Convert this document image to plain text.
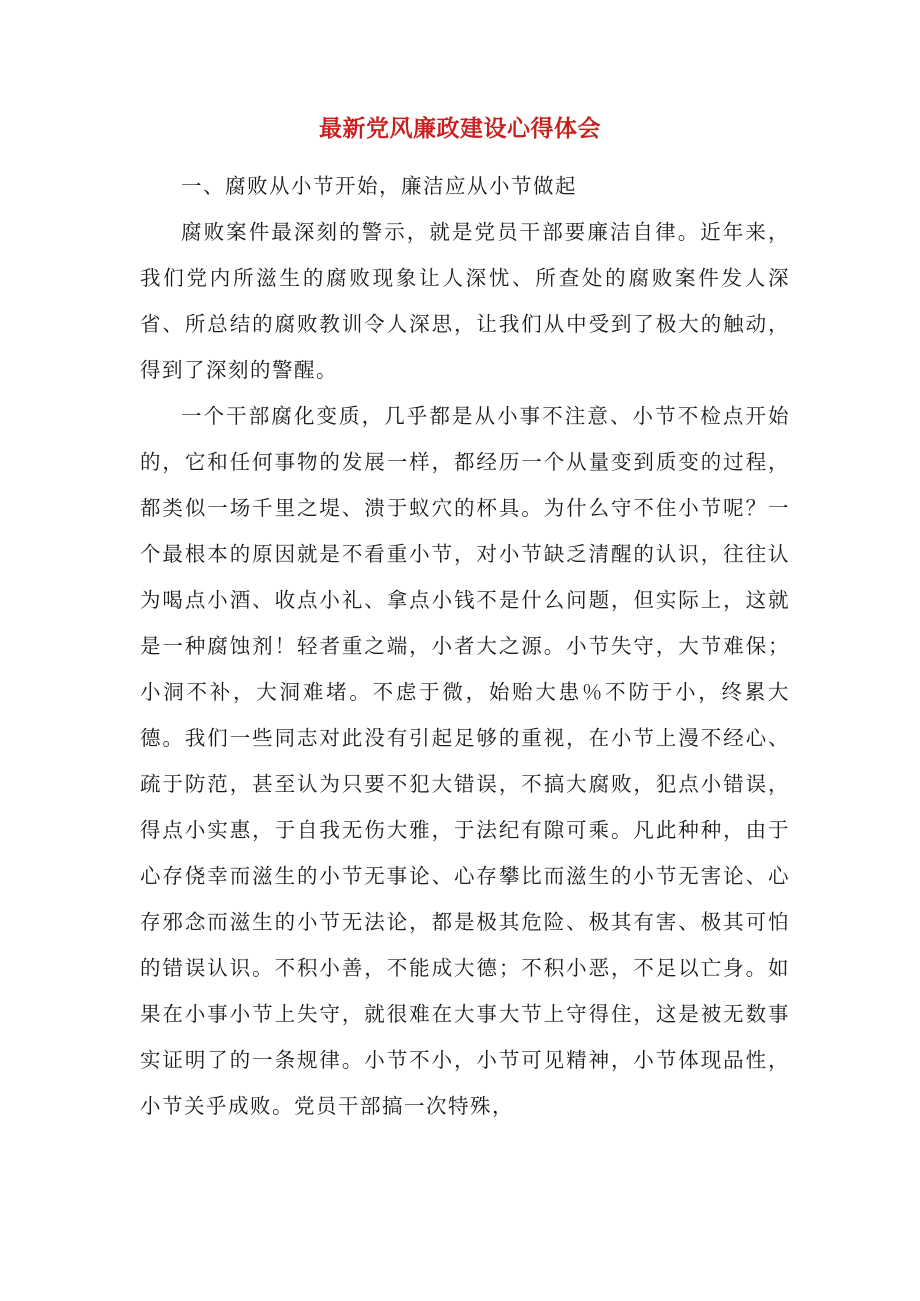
最新党风廉政建设心得体会

一、腐败从小节开始，廉洁应从小节做起

腐败案件最深刻的警示，就是党员干部要廉洁自律。近年来，我们党内所滋生的腐败现象让人深忧、所查处的腐败案件发人深省、所总结的腐败教训令人深思，让我们从中受到了极大的触动，得到了深刻的警醒。

一个干部腐化变质，几乎都是从小事不注意、小节不检点开始的，它和任何事物的发展一样，都经历一个从量变到质变的过程，都类似一场千里之堤、溃于蚁穴的杯具。为什么守不住小节呢？一个最根本的原因就是不看重小节，对小节缺乏清醒的认识，往往认为喝点小酒、收点小礼、拿点小钱不是什么问题，但实际上，这就是一种腐蚀剂！轻者重之端，小者大之源。小节失守，大节难保；小洞不补，大洞难堵。不虑于微，始贻大患％不防于小，终累大德。我们一些同志对此没有引起足够的重视，在小节上漫不经心、疏于防范，甚至认为只要不犯大错误，不搞大腐败，犯点小错误，得点小实惠，于自我无伤大雅，于法纪有隙可乘。凡此种种，由于心存侥幸而滋生的小节无事论、心存攀比而滋生的小节无害论、心存邪念而滋生的小节无法论，都是极其危险、极其有害、极其可怕的错误认识。不积小善，不能成大德；不积小恶，不足以亡身。如果在小事小节上失守，就很难在大事大节上守得住，这是被无数事实证明了的一条规律。小节不小，小节可见精神，小节体现品性，小节关乎成败。党员干部搞一次特殊，
